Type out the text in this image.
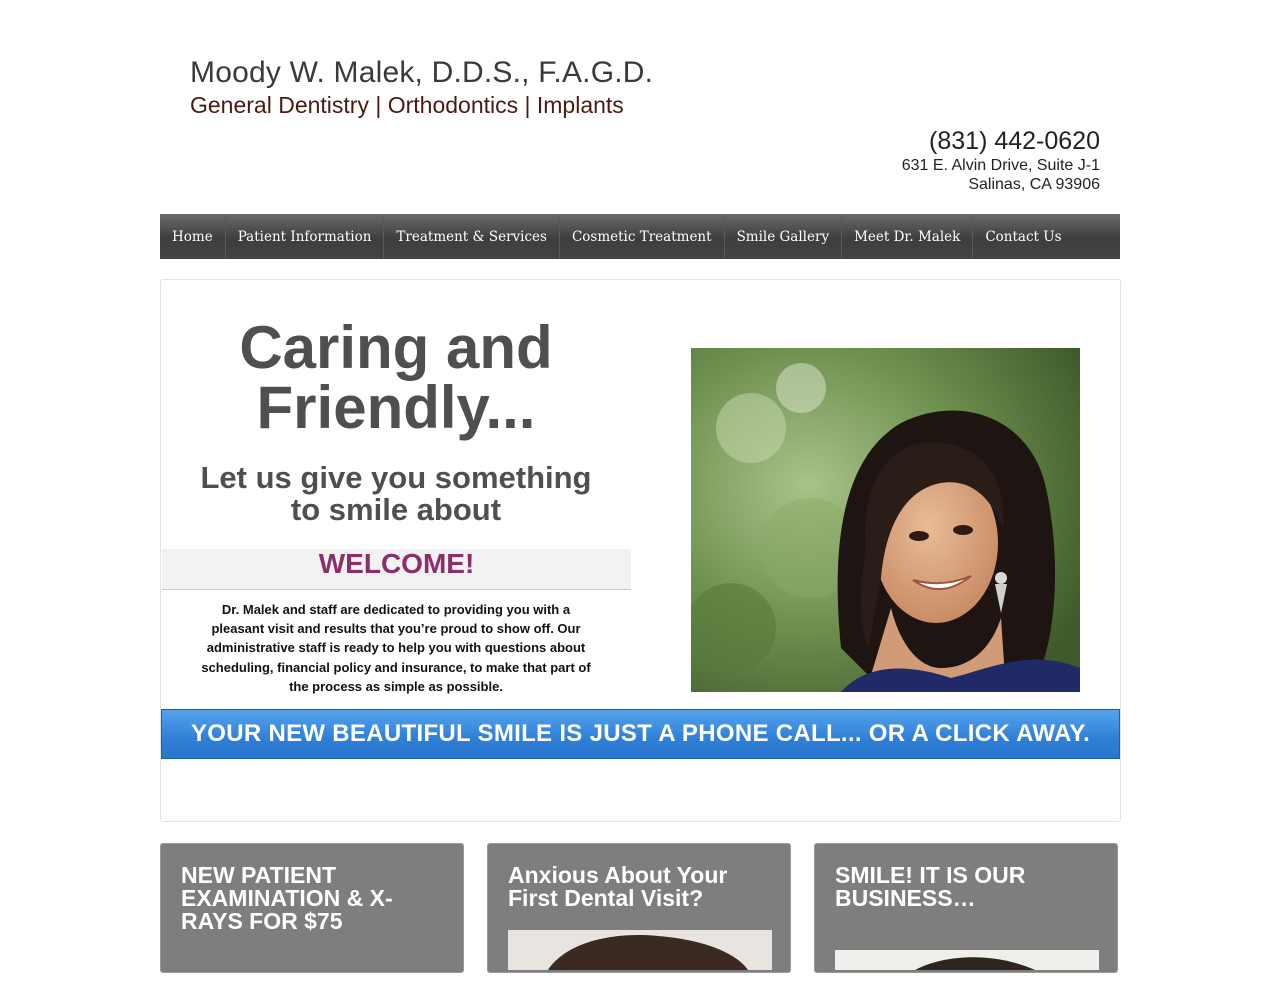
Moody W. Malek, D.D.S., F.A.G.D.
General Dentistry | Orthodontics | Implants
(831) 442-0620
631 E. Alvin Drive, Suite J-1
Salinas, CA 93906
Home	Patient Information	Treatment & Services	Cosmetic Treatment	Smile Gallery	Meet Dr. Malek	Contact Us
Caring and
Friendly...
Let us give you something
to smile about
WELCOME!
Dr. Malek and staff are dedicated to providing you with a pleasant visit and results that you’re proud to show off. Our administrative staff is ready to help you with questions about scheduling, financial policy and insurance, to make that part of the process as simple as possible.
YOUR NEW BEAUTIFUL SMILE IS JUST A PHONE CALL... OR A CLICK AWAY.
NEW PATIENT EXAMINATION & X-RAYS FOR $75
Anxious About Your First Dental Visit?
SMILE! IT IS OUR BUSINESS…
